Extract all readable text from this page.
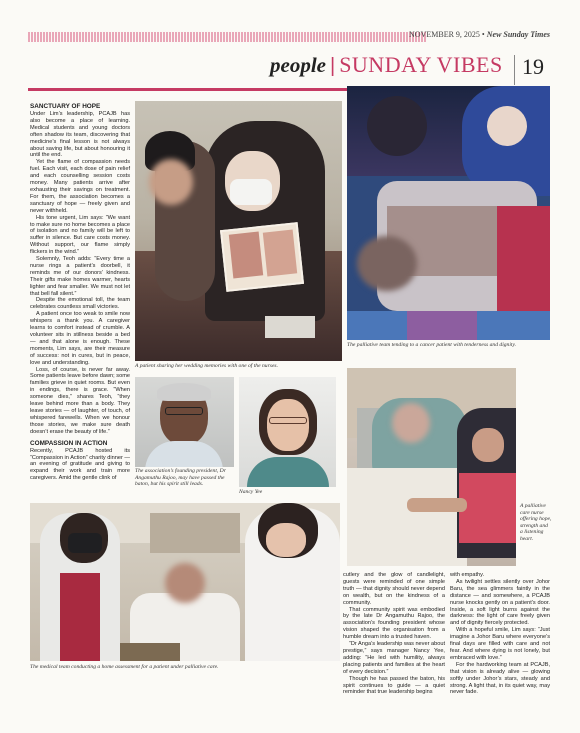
NOVEMBER 9, 2025 • New Sunday Times
people | SUNDAY VIBES 19
SANCTUARY OF HOPE

Under Lim’s leadership, PCAJB has also become a place of learning. Medical students and young doctors often shadow its team, discovering that medicine’s final lesson is not always about saving life, but about honouring it until the end.

Yet the flame of compassion needs fuel. Each visit, each dose of pain relief and each counselling session costs money. Many patients arrive after exhausting their savings on treatment. For them, the association becomes a sanctuary of hope — freely given and never withheld.

His tone urgent, Lim says: “We want to make sure no home becomes a place of isolation and no family will be left to suffer in silence. But care costs money. Without support, our flame simply flickers in the wind.”

Solemnly, Teoh adds: “Every time a nurse rings a patient’s doorbell, it reminds me of our donors’ kindness. Their gifts make homes warmer, hearts lighter and fear smaller. We must not let that bell fall silent.”

Despite the emotional toll, the team celebrates countless small victories.

A patient once too weak to smile now whispers a thank you. A caregiver learns to comfort instead of crumble. A volunteer sits in stillness beside a bed — and that alone is enough. These moments, Lim says, are their measure of success: not in cures, but in peace, love and understanding.

Loss, of course, is never far away. Some patients leave before dawn; some families grieve in quiet rooms. But even in endings, there is grace. “When someone dies,” shares Teoh, “they leave behind more than a body. They leave stories — of laughter, of touch, of whispered farewells. When we honour those stories, we make sure death doesn’t erase the beauty of life.”

COMPASSION IN ACTION

Recently, PCAJB hosted its “Compassion in Action” charity dinner — an evening of gratitude and giving to expand their work and train more caregivers. Amid the gentle clink of

A patient sharing her wedding memories with one of the nurses.
The palliative team tending to a cancer patient with tenderness and dignity.
The association’s founding president, Dr Angamuthu Rajoo, may have passed the baton, but his spirit still leads.
Nancy Yee
A palliative care nurse offering hope, strength and a listening heart.
The medical team conducting a home assessment for a patient under palliative care.

cutlery and the glow of candlelight, guests were reminded of one simple truth — that dignity should never depend on wealth, but on the kindness of a community.

That community spirit was embodied by the late Dr Angamuthu Rajoo, the association’s founding president whose vision shaped the organisation from a humble dream into a trusted haven.

“Dr Anga’s leadership was never about prestige,” says manager Nancy Yee, adding: “He led with humility, always placing patients and families at the heart of every decision.”

Though he has passed the baton, his spirit continues to guide — a quiet reminder that true leadership begins

with empathy.

As twilight settles silently over Johor Baru, the sea glimmers faintly in the distance — and somewhere, a PCAJB nurse knocks gently on a patient’s door. Inside, a soft light burns against the darkness: the light of care freely given and of dignity fiercely protected.

With a hopeful smile, Lim says: “Just imagine a Johor Baru where everyone’s final days are filled with care and not fear. And where dying is not lonely, but embraced with love.”

For the hardworking team at PCAJB, that vision is already alive — glowing softly under Johor’s stars, steady and strong. A light that, in its quiet way, may never fade.
